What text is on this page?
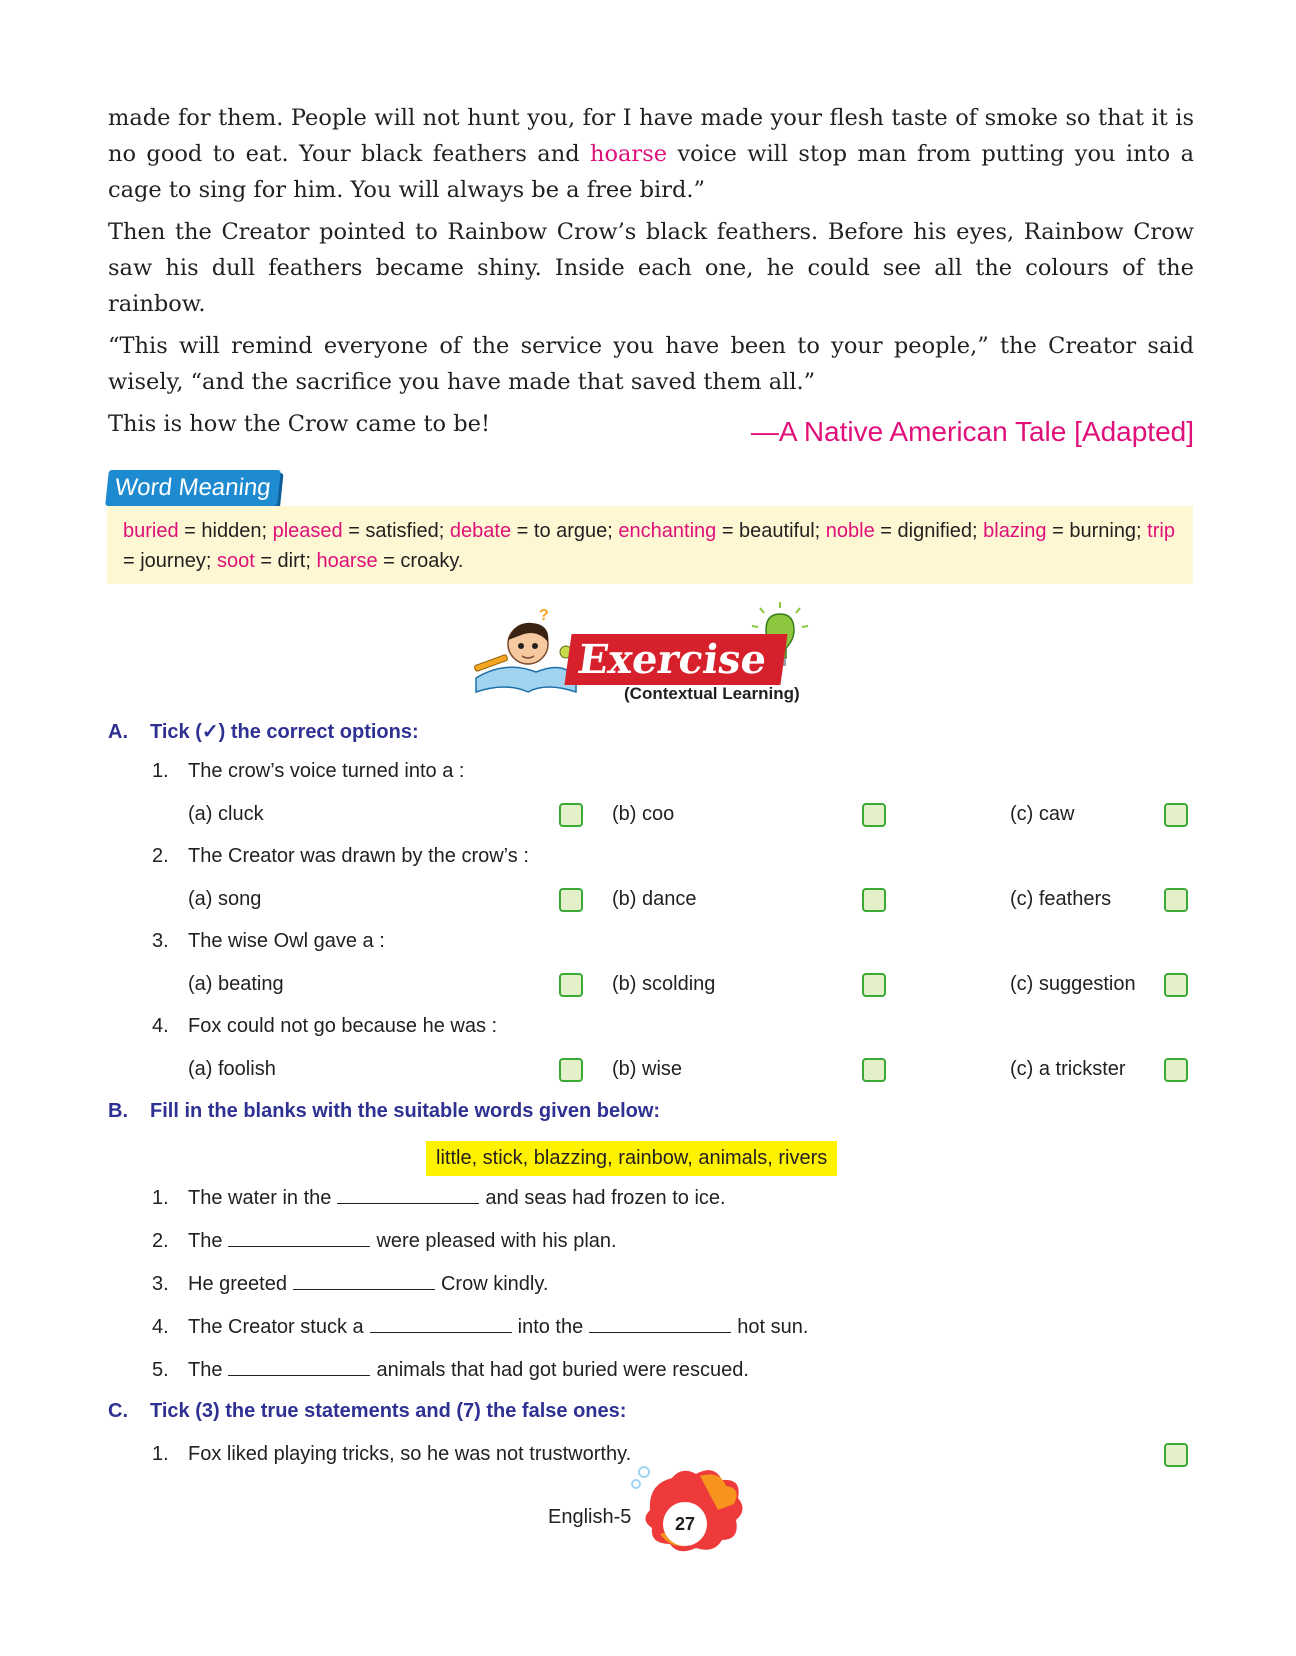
made for them. People will not hunt you, for I have made your flesh taste of smoke so that it is no good to eat. Your black feathers and hoarse voice will stop man from putting you into a cage to sing for him. You will always be a free bird.”

Then the Creator pointed to Rainbow Crow’s black feathers. Before his eyes, Rainbow Crow saw his dull feathers became shiny. Inside each one, he could see all the colours of the rainbow.

“This will remind everyone of the service you have been to your people,” the Creator said wisely, “and the sacrifice you have made that saved them all.”

This is how the Crow came to be!	—A Native American Tale [Adapted]
Word Meaning
buried = hidden; pleased = satisfied; debate = to argue; enchanting = beautiful; noble = dignified; blazing = burning; trip = journey; soot = dirt; hoarse = croaky.
?
Exercise
(Contextual Learning)
A. Tick (✓) the correct options:
1. The crow’s voice turned into a :
(a) cluck	(b) coo	(c) caw
2. The Creator was drawn by the crow’s :
(a) song	(b) dance	(c) feathers
3. The wise Owl gave a :
(a) beating	(b) scolding	(c) suggestion
4. Fox could not go because he was :
(a) foolish	(b) wise	(c) a trickster
B. Fill in the blanks with the suitable words given below:
little, stick, blazzing, rainbow, animals, rivers
1. The water in the	and seas had frozen to ice.
2. The	were pleased with his plan.
3. He greeted	Crow kindly.
4. The Creator stuck a	into the	hot sun.
5. The	animals that had got buried were rescued.
C. Tick (3) the true statements and (7) the false ones:
1. Fox liked playing tricks, so he was not trustworthy.
English-5	27
